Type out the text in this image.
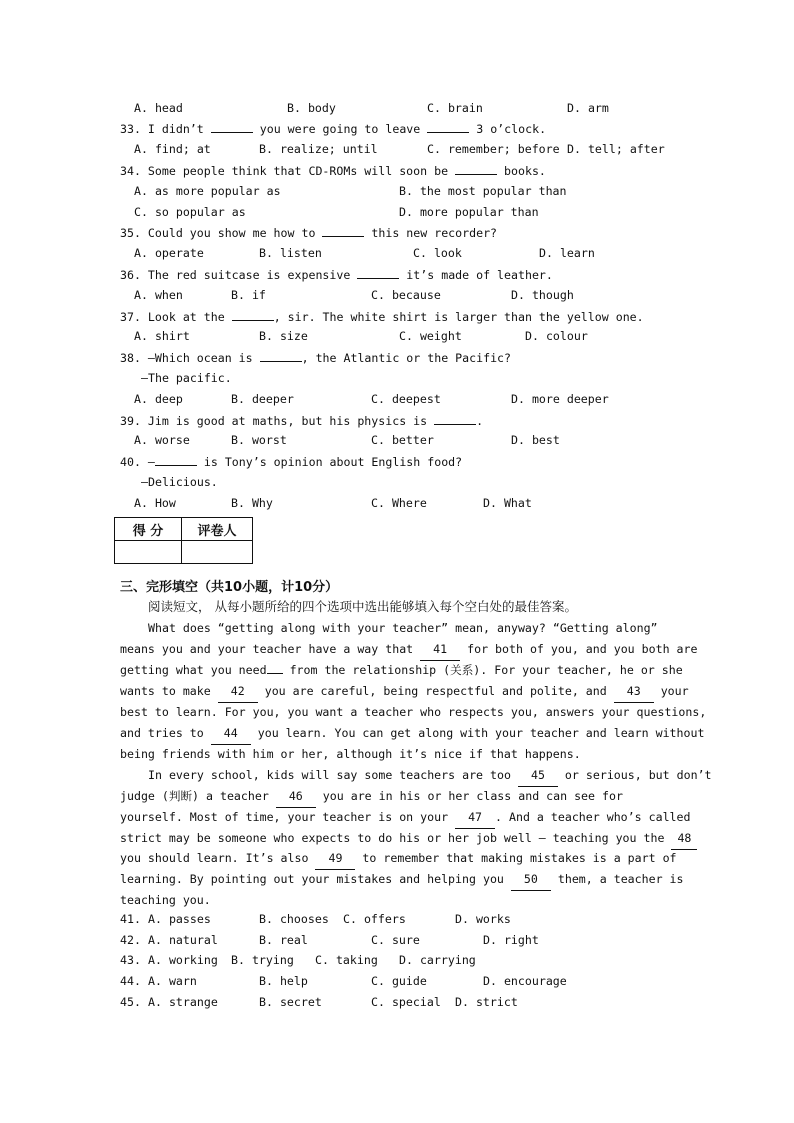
A. head	B. body	C. brain	D. arm
33. I didn’t	you were going to leave	3 o’clock.
A. find; at	B. realize; until	C. remember; before D. tell; after
34. Some people think that CD-ROMs will soon be	books.
A. as more popular as	B. the most popular than
C. so popular as	D. more popular than
35. Could you show me how to	this new recorder?
A. operate	B. listen	C. look	D. learn
36. The red suitcase is expensive	it’s made of leather.
A. when	B. if	C. because	D. though
37. Look at the	, sir. The white shirt is larger than the yellow one.
A. shirt	B. size	C. weight	D. colour
38. —Which ocean is	, the Atlantic or the Pacific?
—The pacific.
A. deep	B. deeper	C. deepest	D. more deeper
39. Jim is good at maths, but his physics is	.
A. worse	B. worst	C. better	D. best
40. —	is Tony’s opinion about English food?
—Delicious.
A. How	B. Why	C. Where	D. What
得 分	评卷人

三、完形填空（共10小题，计10分）
阅读短文， 从每小题所给的四个选项中选出能够填入每个空白处的最佳答案。
What does “getting along with your teacher” mean, anyway? “Getting along”
means you and your teacher have a way that 41 for both of you, and you both are
getting what you need from the relationship (关系). For your teacher, he or she
wants to make 42 you are careful, being respectful and polite, and 43 your
best to learn. For you, you want a teacher who respects you, answers your questions,
and tries to 44 you learn. You can get along with your teacher and learn without
being friends with him or her, although it’s nice if that happens.
In every school, kids will say some teachers are too 45 or serious, but don’t
judge (判断) a teacher 46 you are in his or her class and can see for
yourself. Most of time, your teacher is on your 47 . And a teacher who’s called
strict may be someone who expects to do his or her job well — teaching you the 48
you should learn. It’s also 49 to remember that making mistakes is a part of
learning. By pointing out your mistakes and helping you 50 them, a teacher is
teaching you.
41. A. passes	B. chooses C. offers	D. works
42. A. natural	B. real	C. sure	D. right
43. A. working B. trying C. taking D. carrying
44. A. warn	B. help	C. guide	D. encourage
45. A. strange	B. secret	C. special D. strict
